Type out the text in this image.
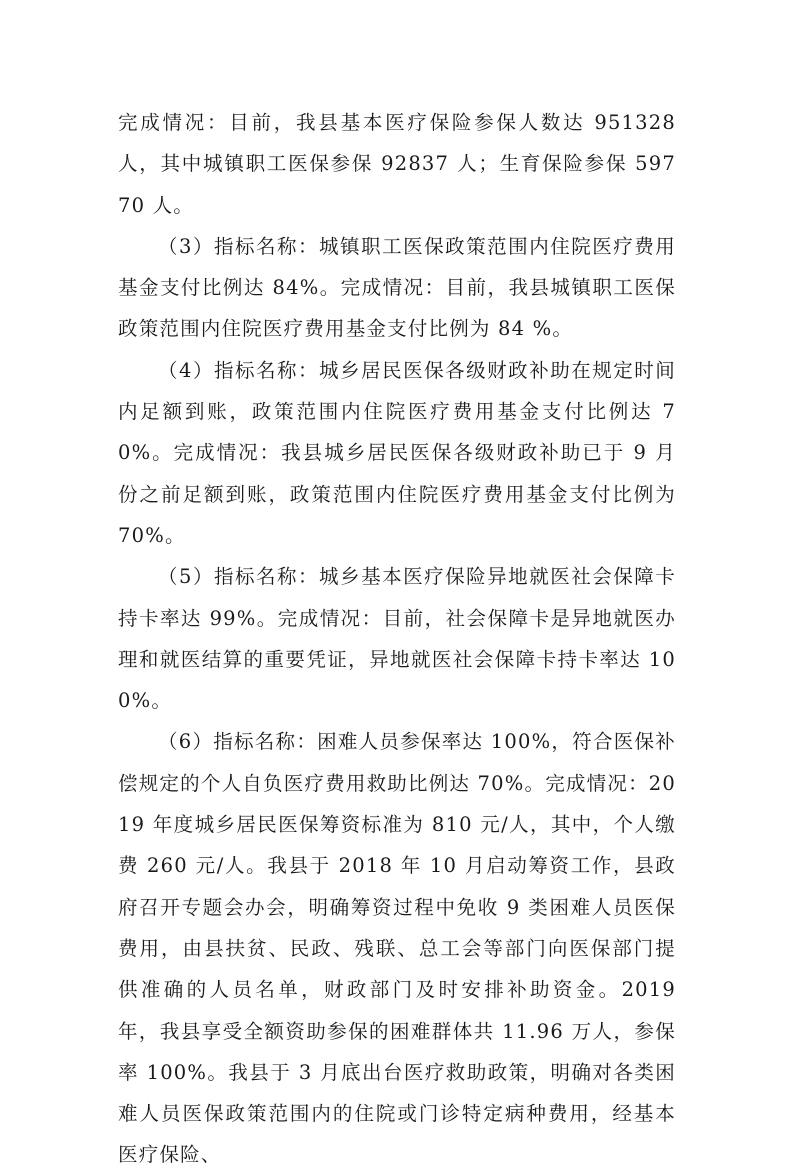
完成情况：目前，我县基本医疗保险参保人数达 951328 人，其中城镇职工医保参保 92837 人；生育保险参保 59770 人。

（3）指标名称：城镇职工医保政策范围内住院医疗费用基金支付比例达 84%。完成情况：目前，我县城镇职工医保政策范围内住院医疗费用基金支付比例为 84 %。

（4）指标名称：城乡居民医保各级财政补助在规定时间内足额到账，政策范围内住院医疗费用基金支付比例达 70%。完成情况：我县城乡居民医保各级财政补助已于 9 月份之前足额到账，政策范围内住院医疗费用基金支付比例为 70%。

（5）指标名称：城乡基本医疗保险异地就医社会保障卡持卡率达 99%。完成情况：目前，社会保障卡是异地就医办理和就医结算的重要凭证，异地就医社会保障卡持卡率达 100%。

（6）指标名称：困难人员参保率达 100%，符合医保补偿规定的个人自负医疗费用救助比例达 70%。完成情况：2019 年度城乡居民医保筹资标准为 810 元/人，其中，个人缴费 260 元/人。我县于 2018 年 10 月启动筹资工作，县政府召开专题会办会，明确筹资过程中免收 9 类困难人员医保费用，由县扶贫、民政、残联、总工会等部门向医保部门提供准确的人员名单，财政部门及时安排补助资金。2019 年，我县享受全额资助参保的困难群体共 11.96 万人，参保率 100%。我县于 3 月底出台医疗救助政策，明确对各类困难人员医保政策范围内的住院或门诊特定病种费用，经基本医疗保险、
